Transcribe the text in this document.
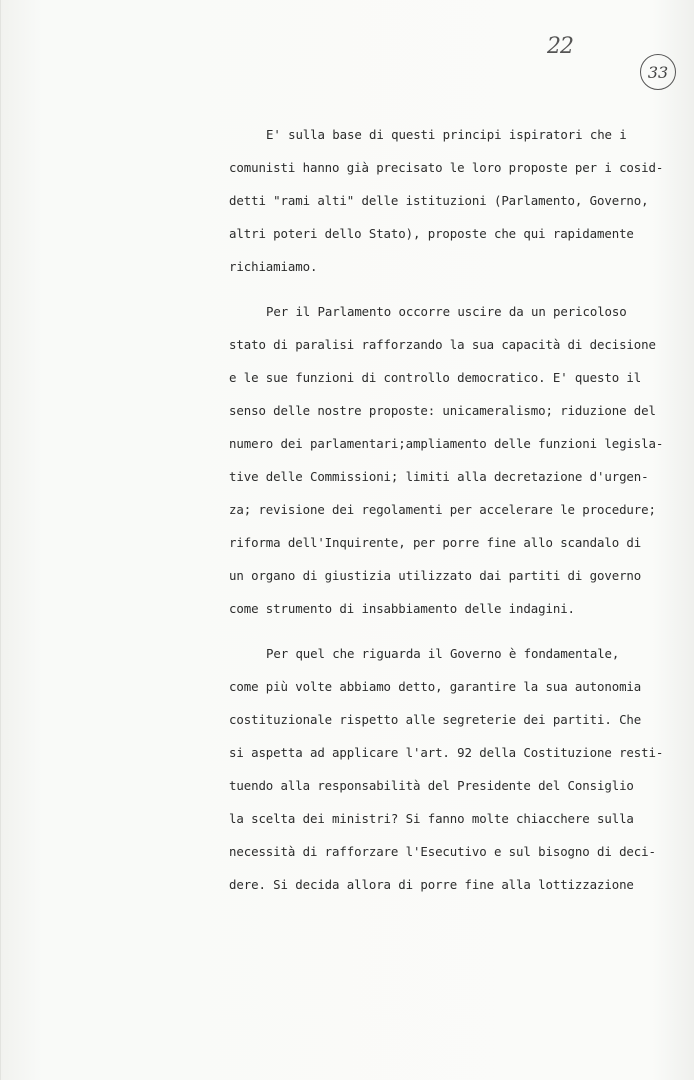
22
33
E' sulla base di questi principi ispiratori che i
comunisti hanno già precisato le loro proposte per i cosid-
detti "rami alti" delle istituzioni (Parlamento, Governo,
altri poteri dello Stato), proposte che qui rapidamente
richiamiamo.
Per il Parlamento occorre uscire da un pericoloso
stato di paralisi rafforzando la sua capacità di decisione
e le sue funzioni di controllo democratico. E' questo il
senso delle nostre proposte: unicameralismo; riduzione del
numero dei parlamentari;ampliamento delle funzioni legisla-
tive delle Commissioni; limiti alla decretazione d'urgen-
za; revisione dei regolamenti per accelerare le procedure;
riforma dell'Inquirente, per porre fine allo scandalo di
un organo di giustizia utilizzato dai partiti di governo
come strumento di insabbiamento delle indagini.
Per quel che riguarda il Governo è fondamentale,
come più volte abbiamo detto, garantire la sua autonomia
costituzionale rispetto alle segreterie dei partiti. Che
si aspetta ad applicare l'art. 92 della Costituzione resti-
tuendo alla responsabilità del Presidente del Consiglio
la scelta dei ministri? Si fanno molte chiacchere sulla
necessità di rafforzare l'Esecutivo e sul bisogno di deci-
dere. Si decida allora di porre fine alla lottizzazione
